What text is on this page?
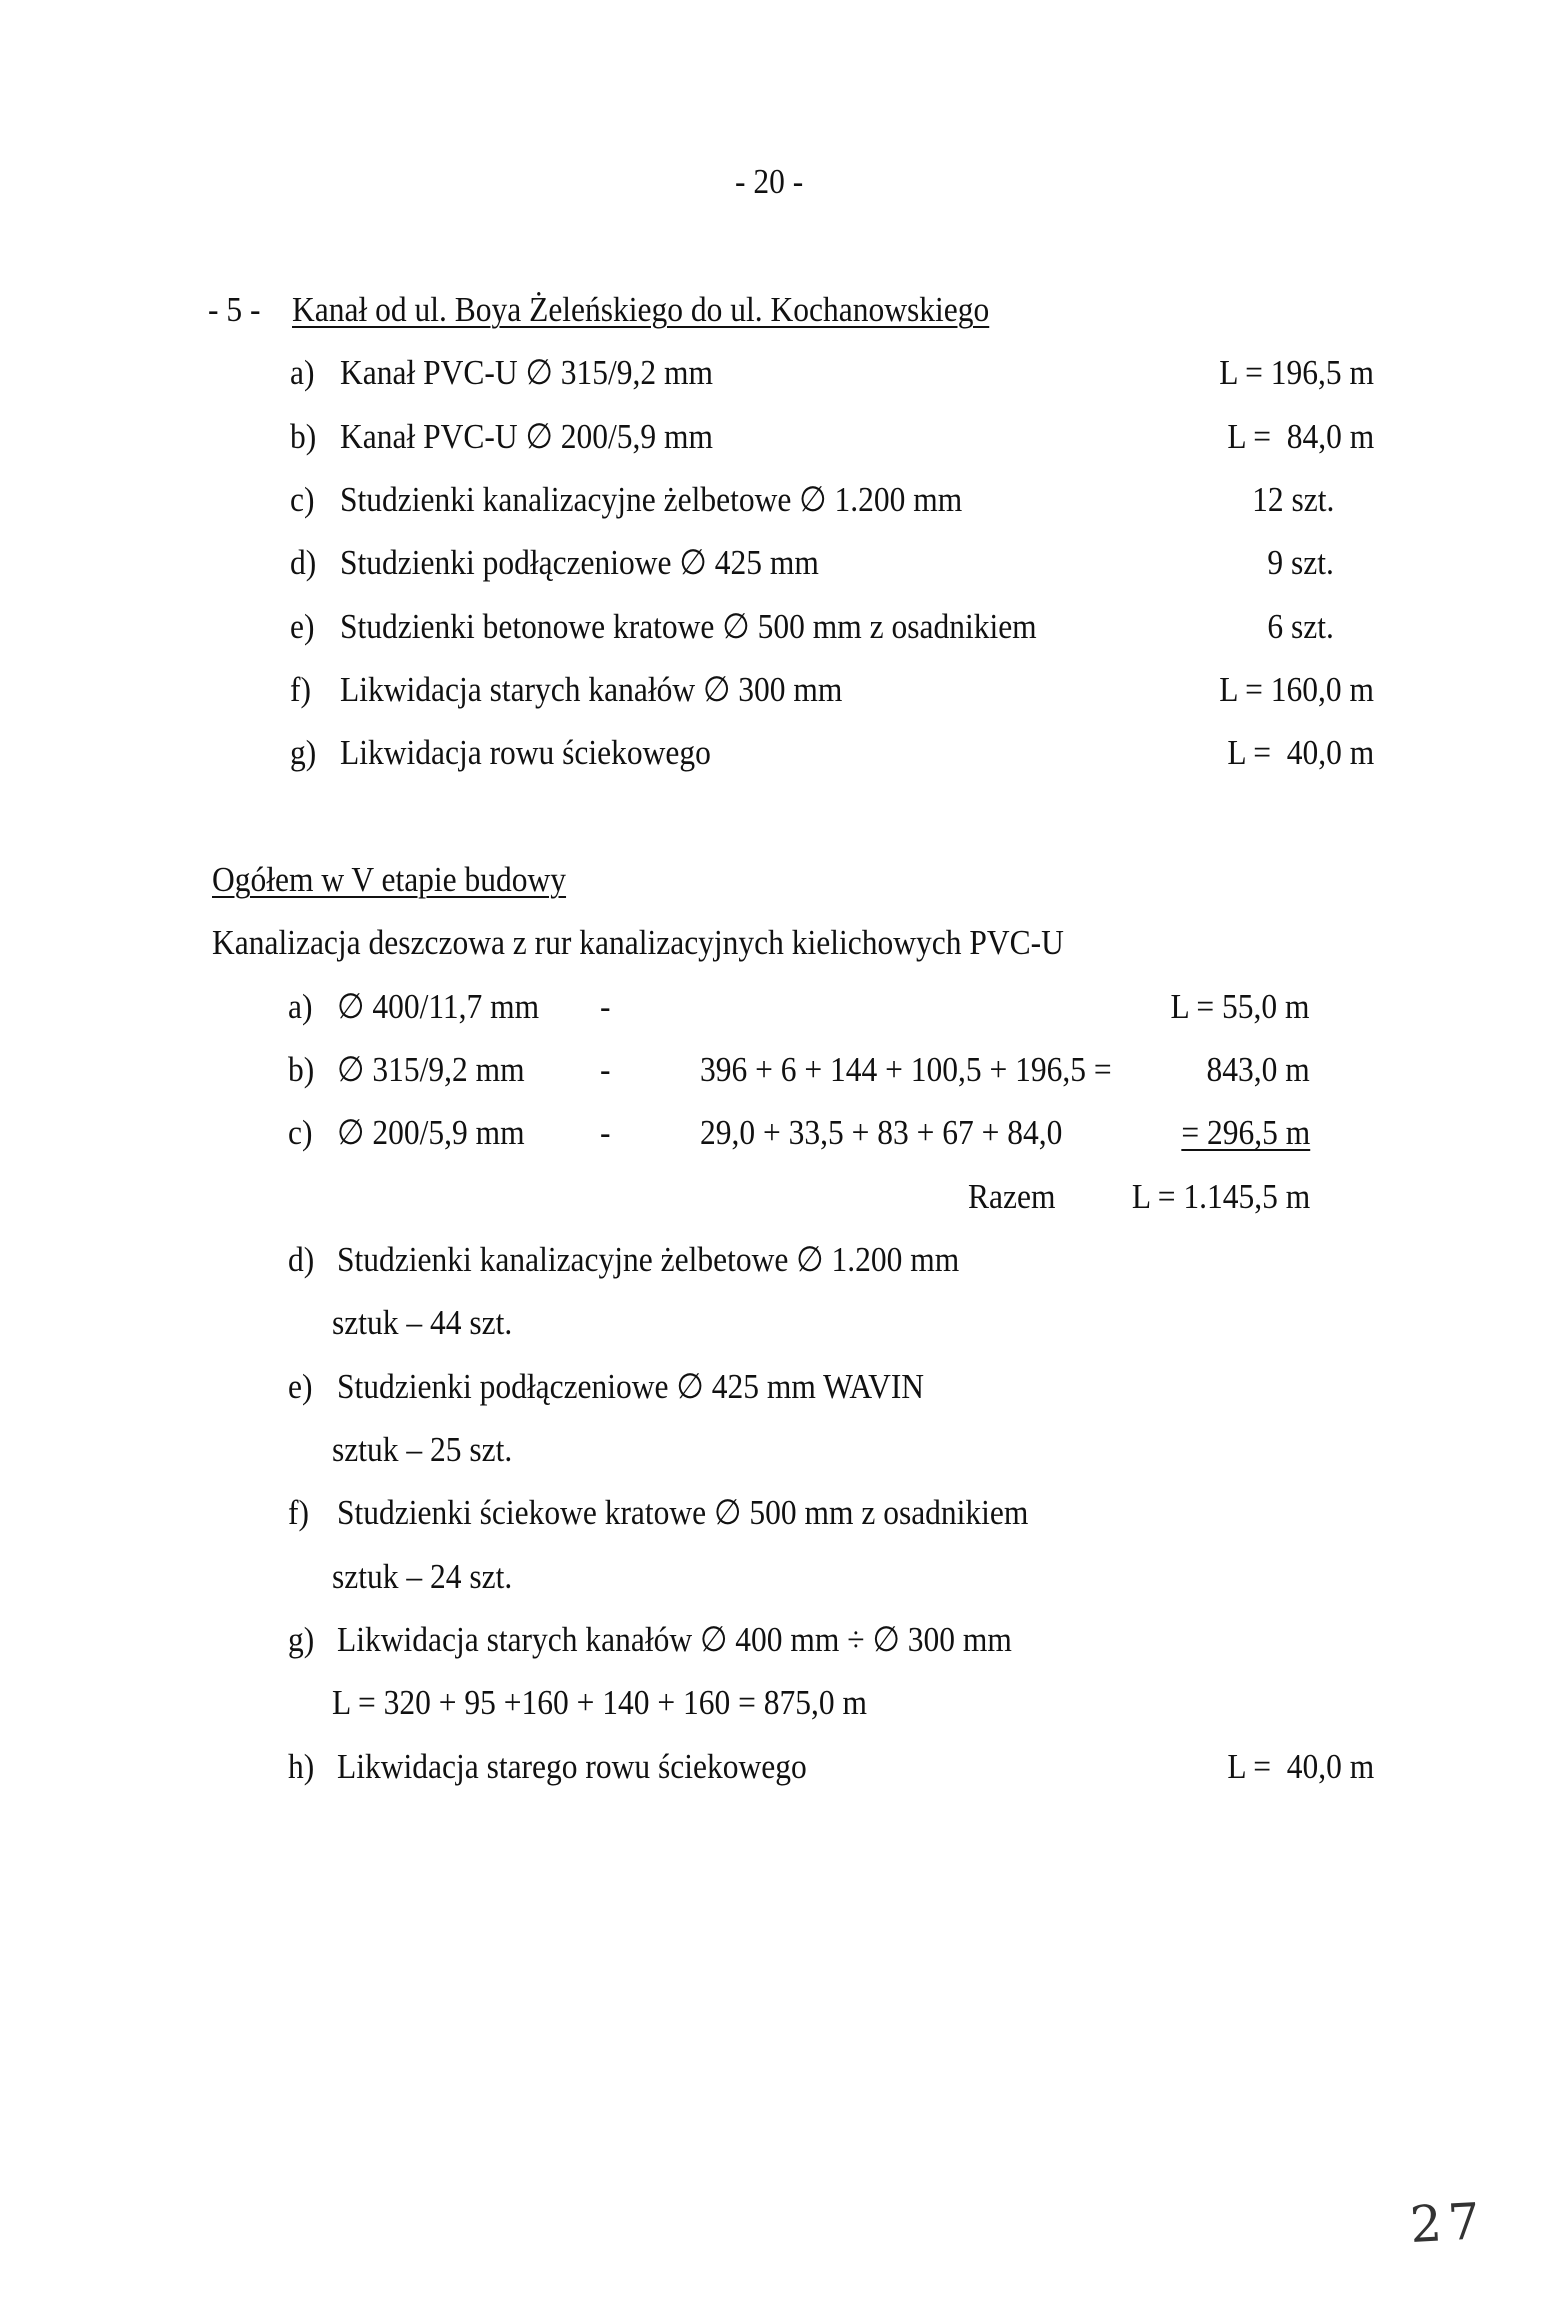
- 20 -
- 5 - Kanał od ul. Boya Żeleńskiego do ul. Kochanowskiego
a) Kanał PVC-U ∅ 315/9,2 mm	L = 196,5 m
b) Kanał PVC-U ∅ 200/5,9 mm	L =  84,0 m
c) Studzienki kanalizacyjne żelbetowe ∅ 1.200 mm	12 szt.
d) Studzienki podłączeniowe ∅ 425 mm	9 szt.
e) Studzienki betonowe kratowe ∅ 500 mm z osadnikiem	6 szt.
f) Likwidacja starych kanałów ∅ 300 mm	L = 160,0 m
g) Likwidacja rowu ściekowego	L =  40,0 m
Ogółem w V etapie budowy
Kanalizacja deszczowa z rur kanalizacyjnych kielichowych PVC-U
a) ∅ 400/11,7 mm -	L = 55,0 m
b) ∅ 315/9,2 mm -	396 + 6 + 144 + 100,5 + 196,5 =	843,0 m
c) ∅ 200/5,9 mm -	29,0 + 33,5 + 83 + 67 + 84,0	= 296,5 m
Razem L = 1.145,5 m
d) Studzienki kanalizacyjne żelbetowe ∅ 1.200 mm
sztuk – 44 szt.
e) Studzienki podłączeniowe ∅ 425 mm WAVIN
sztuk – 25 szt.
f) Studzienki ściekowe kratowe ∅ 500 mm z osadnikiem
sztuk – 24 szt.
g) Likwidacja starych kanałów ∅ 400 mm ÷ ∅ 300 mm
L = 320 + 95 +160 + 140 + 160 = 875,0 m
h) Likwidacja starego rowu ściekowego	L =  40,0 m
27
